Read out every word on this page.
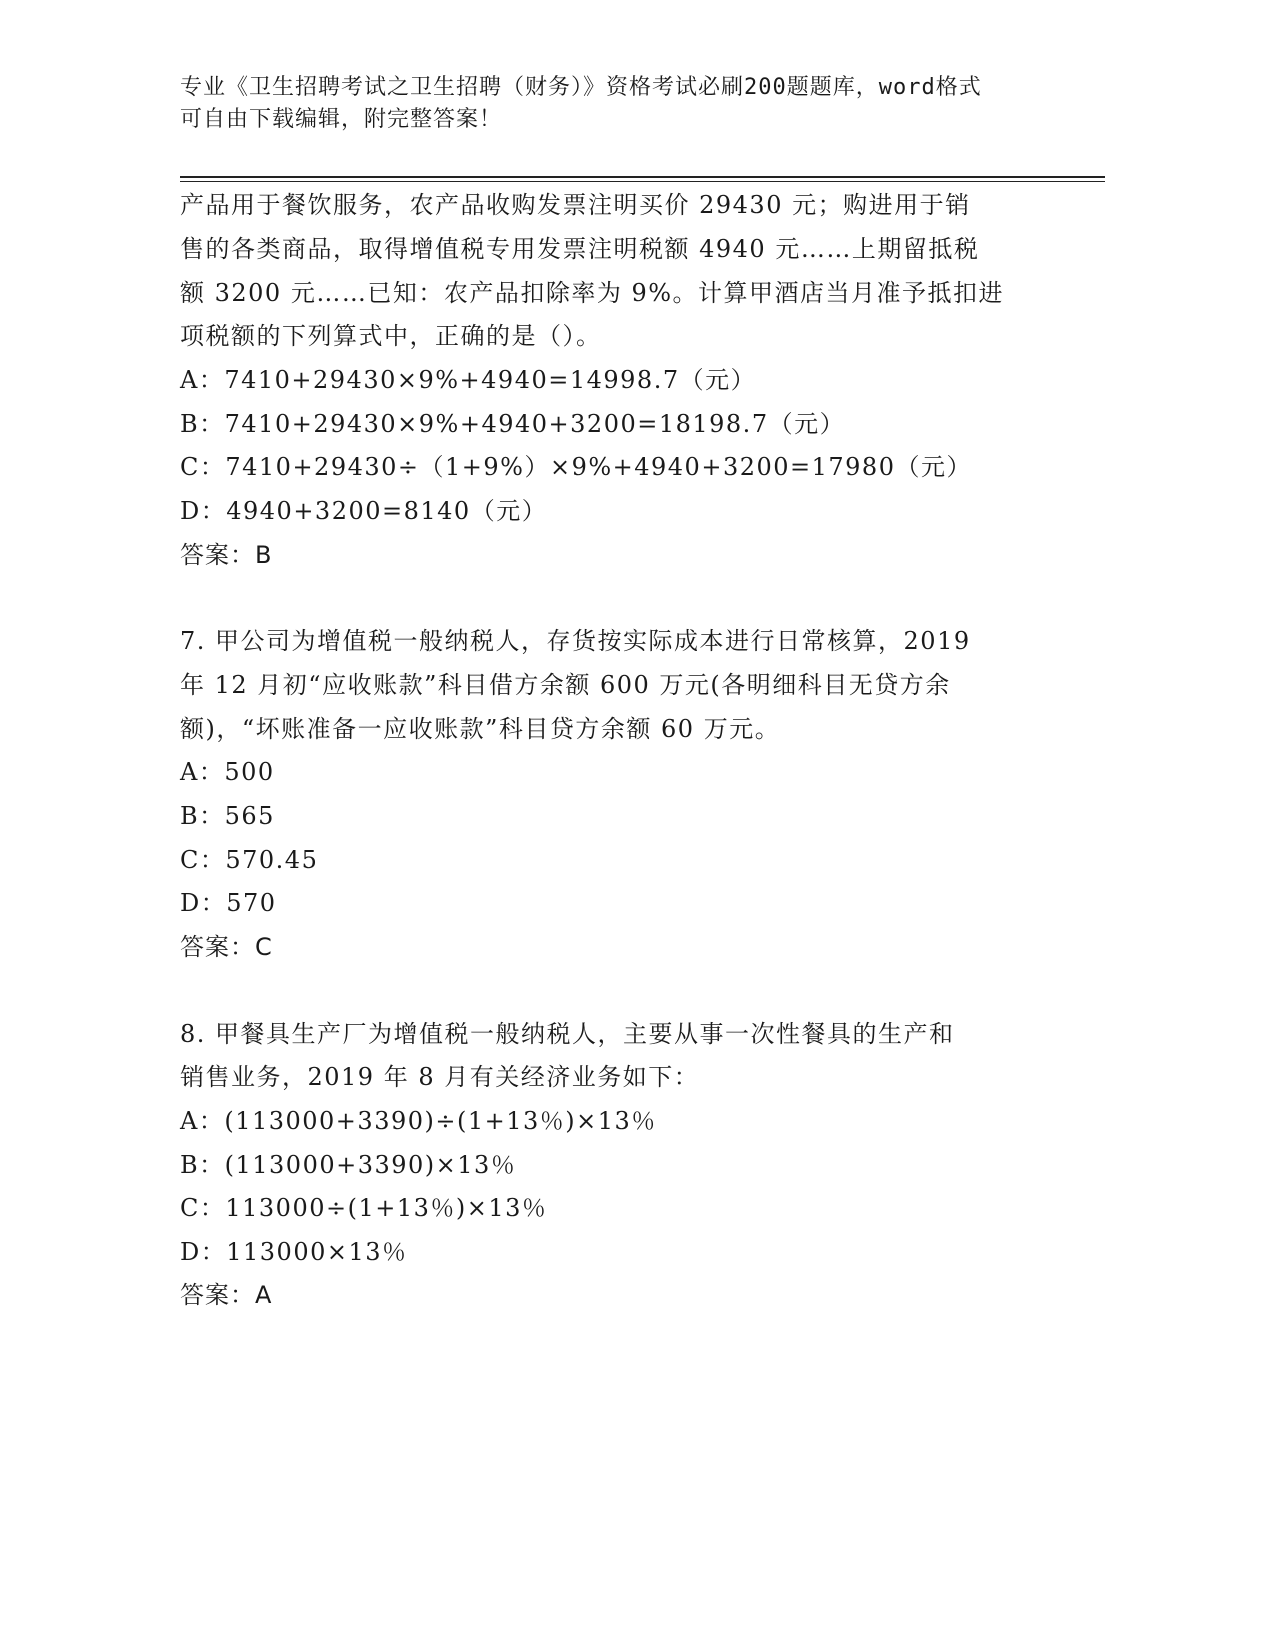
专业《卫生招聘考试之卫生招聘（财务）》资格考试必刷200题题库，word格式
可自由下载编辑，附完整答案！
产品用于餐饮服务，农产品收购发票注明买价 29430 元；购进用于销
售的各类商品，取得增值税专用发票注明税额 4940 元……上期留抵税
额 3200 元……已知：农产品扣除率为 9%。计算甲酒店当月准予抵扣进
项税额的下列算式中，正确的是（）。
A：7410+29430×9%+4940=14998.7（元）
B：7410+29430×9%+4940+3200=18198.7（元）
C：7410+29430÷（1+9%）×9%+4940+3200=17980（元）
D：4940+3200=8140（元）
答案：B
7. 甲公司为增值税一般纳税人，存货按实际成本进行日常核算，2019
年 12 月初“应收账款”科目借方余额 600 万元(各明细科目无贷方余
额)，“坏账准备一应收账款”科目贷方余额 60 万元。
A：500
B：565
C：570.45
D：570
答案：C
8. 甲餐具生产厂为增值税一般纳税人，主要从事一次性餐具的生产和
销售业务，2019 年 8 月有关经济业务如下：
A：(113000+3390)÷(1+13％)×13％
B：(113000+3390)×13％
C：113000÷(1+13％)×13％
D：113000×13％
答案：A
